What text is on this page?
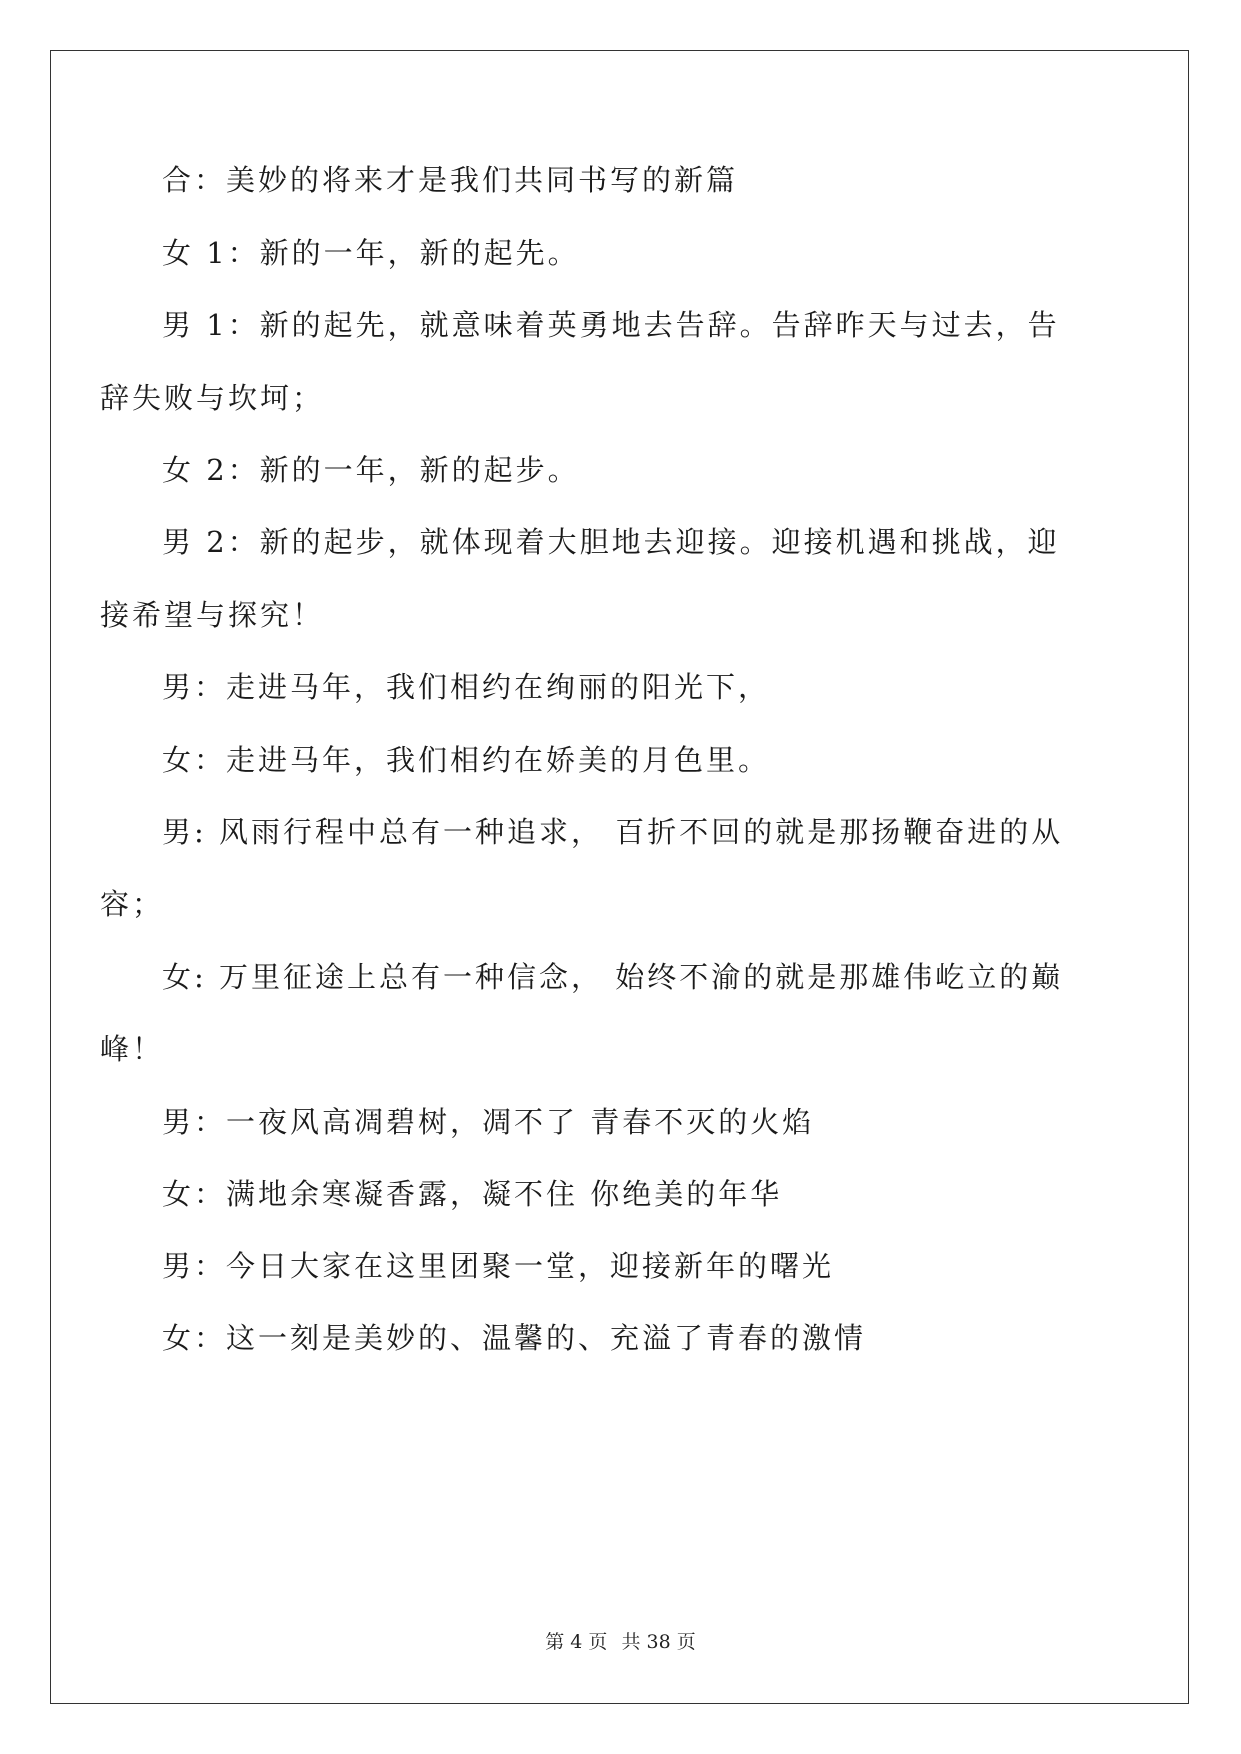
合：美妙的将来才是我们共同书写的新篇

女 1：新的一年，新的起先。

男 1：新的起先，就意味着英勇地去告辞。告辞昨天与过去，告

辞失败与坎坷；

女 2：新的一年，新的起步。

男 2：新的起步，就体现着大胆地去迎接。迎接机遇和挑战，迎

接希望与探究！

男：走进马年，我们相约在绚丽的阳光下，

女：走进马年，我们相约在娇美的月色里。

男: 风雨行程中总有一种追求， 百折不回的就是那扬鞭奋进的从

容；

女: 万里征途上总有一种信念， 始终不渝的就是那雄伟屹立的巅

峰！

男：一夜风高凋碧树，凋不了 青春不灭的火焰

女：满地余寒凝香露，凝不住 你绝美的年华

男：今日大家在这里团聚一堂，迎接新年的曙光

女：这一刻是美妙的、温馨的、充溢了青春的激情

第 4 页 共 38 页
